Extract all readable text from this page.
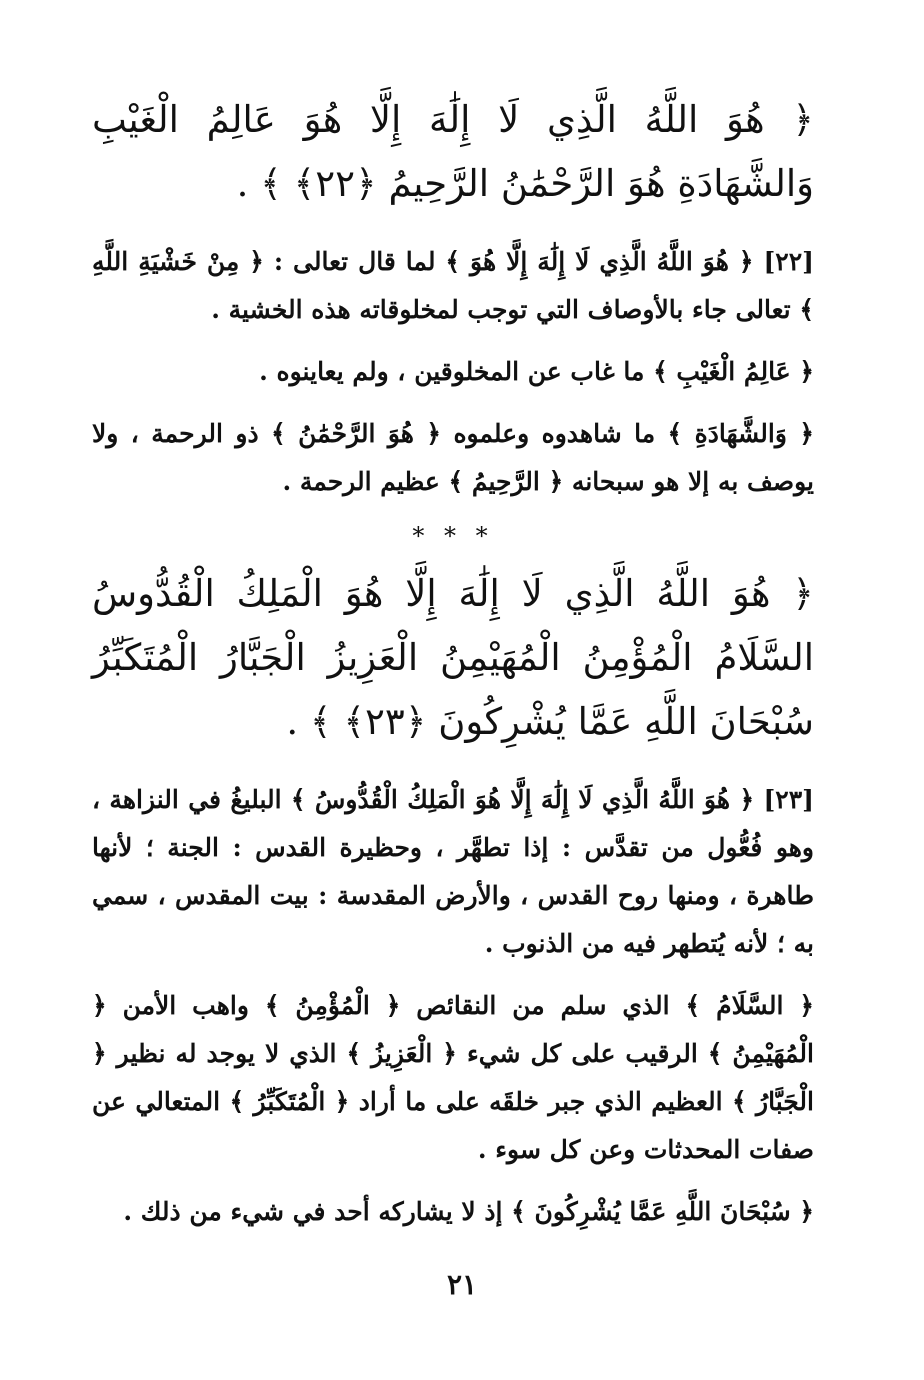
﴿ هُوَ اللَّهُ الَّذِي لَا إِلَٰهَ إِلَّا هُوَ عَالِمُ الْغَيْبِ وَالشَّهَادَةِ هُوَ الرَّحْمَٰنُ الرَّحِيمُ ﴿٢٢﴾ ﴾ .

[٢٢] ﴿ هُوَ اللَّهُ الَّذِي لَا إِلَٰهَ إِلَّا هُوَ ﴾ لما قال تعالى : ﴿ مِنْ خَشْيَةِ اللَّهِ ﴾ تعالى جاء بالأوصاف التي توجب لمخلوقاته هذه الخشية .

﴿ عَالِمُ الْغَيْبِ ﴾ ما غاب عن المخلوقين ، ولم يعاينوه .

﴿ وَالشَّهَادَةِ ﴾ ما شاهدوه وعلموه ﴿ هُوَ الرَّحْمَٰنُ ﴾ ذو الرحمة ، ولا يوصف به إلا هو سبحانه ﴿ الرَّحِيمُ ﴾ عظيم الرحمة .

* * *

﴿ هُوَ اللَّهُ الَّذِي لَا إِلَٰهَ إِلَّا هُوَ الْمَلِكُ الْقُدُّوسُ السَّلَامُ الْمُؤْمِنُ الْمُهَيْمِنُ الْعَزِيزُ الْجَبَّارُ الْمُتَكَبِّرُ سُبْحَانَ اللَّهِ عَمَّا يُشْرِكُونَ ﴿٢٣﴾ ﴾ .

[٢٣] ﴿ هُوَ اللَّهُ الَّذِي لَا إِلَٰهَ إِلَّا هُوَ الْمَلِكُ الْقُدُّوسُ ﴾ البليغُ في النزاهة ، وهو فُعُّول من تقدَّس : إذا تطهَّر ، وحظيرة القدس : الجنة ؛ لأنها طاهرة ، ومنها روح القدس ، والأرض المقدسة : بيت المقدس ، سمي به ؛ لأنه يُتطهر فيه من الذنوب .

﴿ السَّلَامُ ﴾ الذي سلم من النقائص ﴿ الْمُؤْمِنُ ﴾ واهب الأمن ﴿ الْمُهَيْمِنُ ﴾ الرقيب على كل شيء ﴿ الْعَزِيزُ ﴾ الذي لا يوجد له نظير ﴿ الْجَبَّارُ ﴾ العظيم الذي جبر خلقَه على ما أراد ﴿ الْمُتَكَبِّرُ ﴾ المتعالي عن صفات المحدثات وعن كل سوء .

﴿ سُبْحَانَ اللَّهِ عَمَّا يُشْرِكُونَ ﴾ إذ لا يشاركه أحد في شيء من ذلك .

٢١
